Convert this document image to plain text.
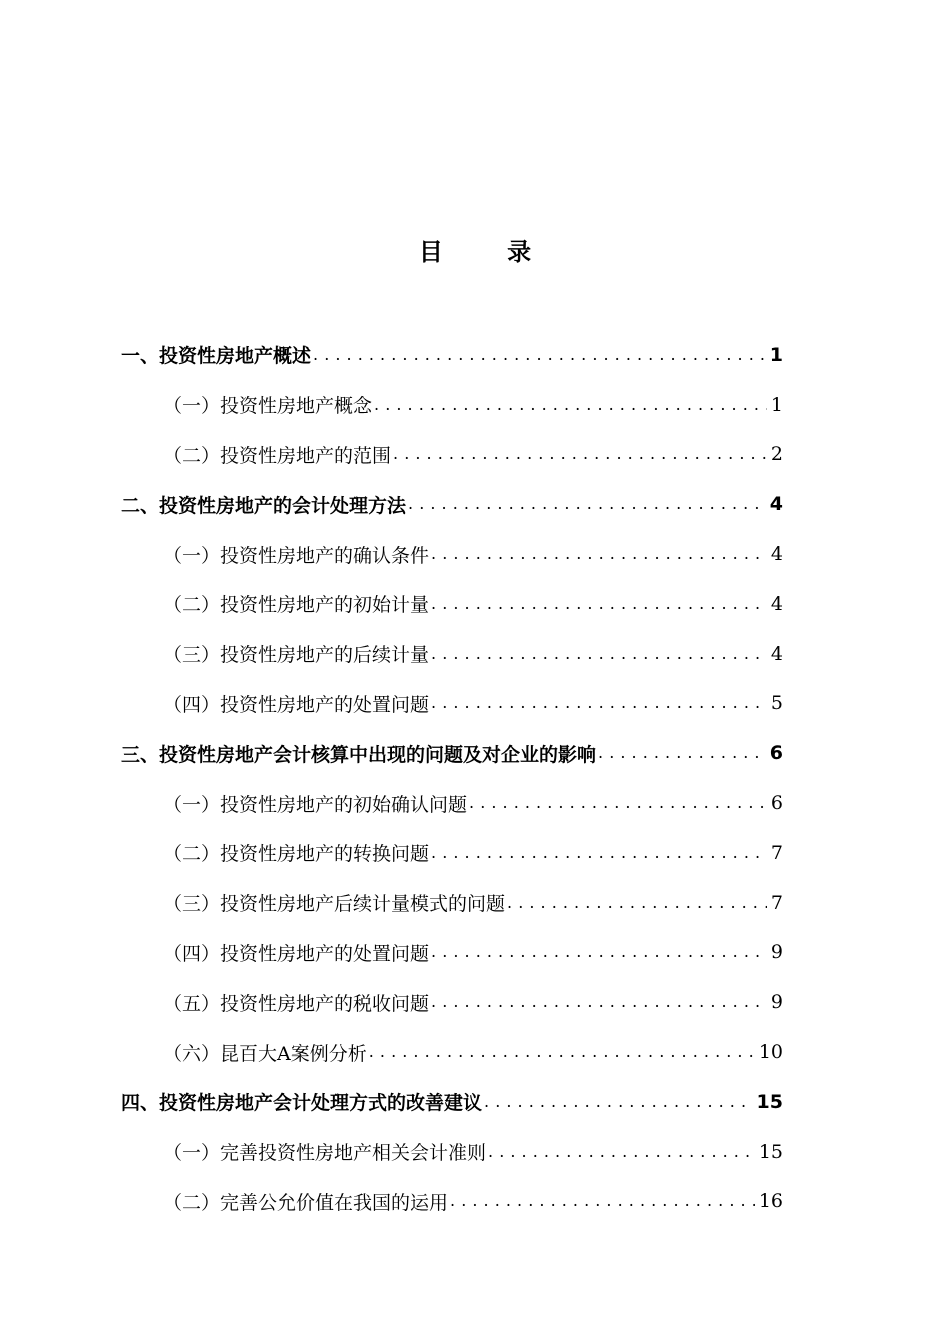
目 录
一、投资性房地产概述 . . .	1
（一）投资性房地产概念 . . .	1
（二）投资性房地产的范围 . . .	2
二、投资性房地产的会计处理方法 . . .	4
（一）投资性房地产的确认条件 . . .	4
（二）投资性房地产的初始计量 . . .	4
（三）投资性房地产的后续计量 . . .	4
（四）投资性房地产的处置问题 . . .	5
三、投资性房地产会计核算中出现的问题及对企业的影响 . . .	6
（一）投资性房地产的初始确认问题 . . .	6
（二）投资性房地产的转换问题 . . .	7
（三）投资性房地产后续计量模式的问题 . . .	7
（四）投资性房地产的处置问题 . . .	9
（五）投资性房地产的税收问题 . . .	9
（六）昆百大A案例分析 . . .	10
四、投资性房地产会计处理方式的改善建议 . . .	15
（一）完善投资性房地产相关会计准则 . . .	15
（二）完善公允价值在我国的运用 . . .	16
